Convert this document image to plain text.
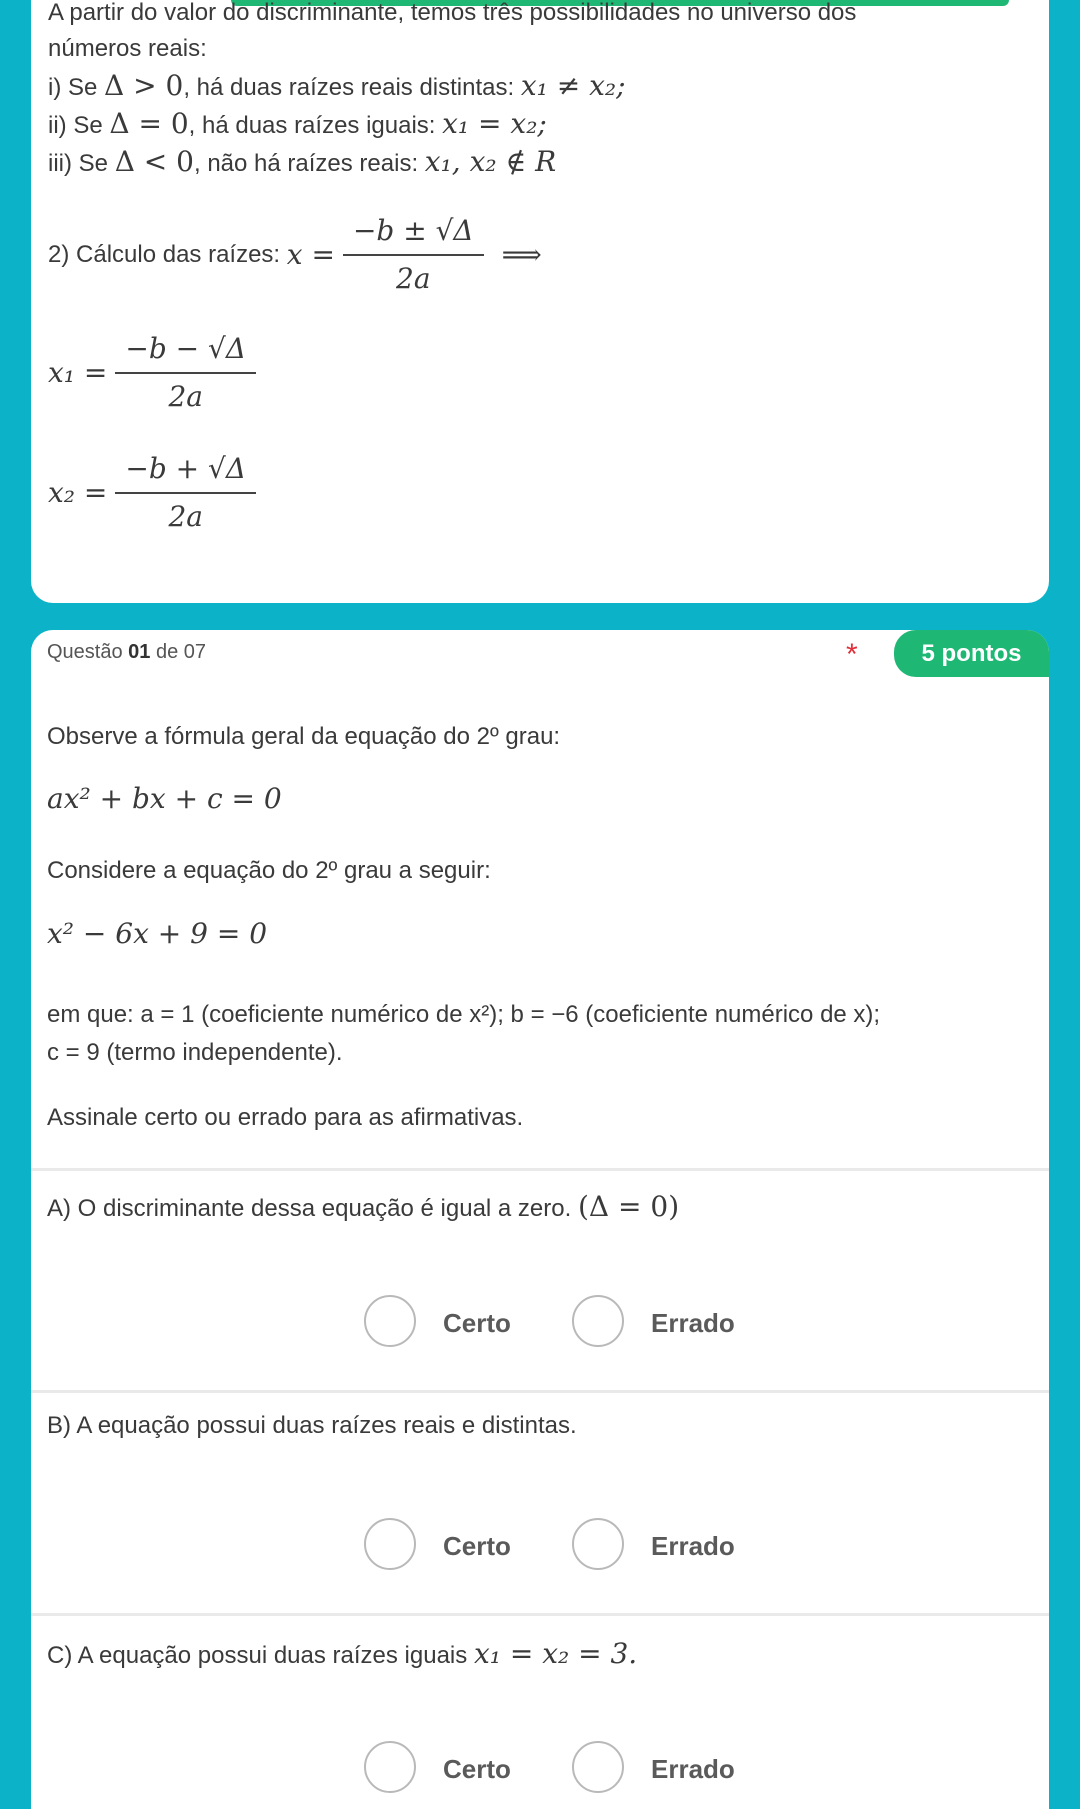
A partir do valor do discriminante, temos três possibilidades no universo dos
números reais:
i) Se Δ > 0, há duas raízes reais distintas: x₁ ≠ x₂;
ii) Se Δ = 0, há duas raízes iguais: x₁ = x₂;
iii) Se Δ < 0, não há raízes reais: x₁, x₂ ∉ R
2) Cálculo das raízes:
$x = \frac{-b \pm √\Delta}{2a}$ ⟹
$x_1 = \frac{-b - √\Delta}{2a}$
$x_2 = \frac{-b + √\Delta}{2a}$
Questão 01 de 07	*	5 pontos
Observe a fórmula geral da equação do 2º grau:
ax² + bx + c = 0
Considere a equação do 2º grau a seguir:
x² − 6x + 9 = 0
em que: a = 1 (coeficiente numérico de x²); b = −6 (coeficiente numérico de x);
c = 9 (termo independente).
Assinale certo ou errado para as afirmativas.
A) O discriminante dessa equação é igual a zero. (Δ = 0)
Certo	Errado
B) A equação possui duas raízes reais e distintas.
Certo	Errado
C) A equação possui duas raízes iguais x₁ = x₂ = 3.
Certo	Errado
